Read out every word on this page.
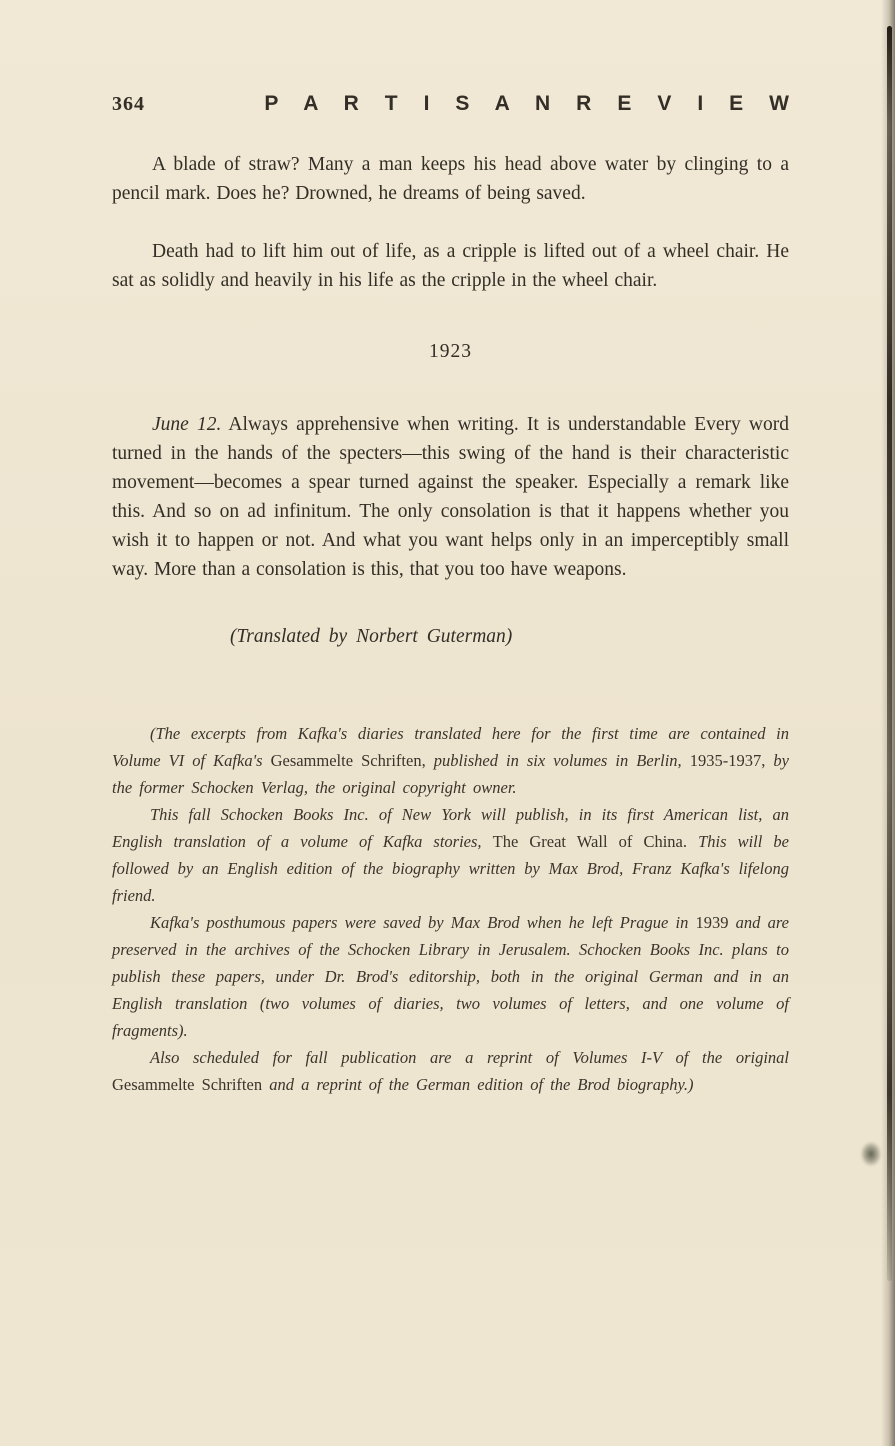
364	P A R T I S A N R E V I E W

A blade of straw? Many a man keeps his head above water by clinging to a pencil mark. Does he? Drowned, he dreams of being saved.

Death had to lift him out of life, as a cripple is lifted out of a wheel chair. He sat as solidly and heavily in his life as the cripple in the wheel chair.

1923

June 12. Always apprehensive when writing. It is understandable Every word turned in the hands of the specters—this swing of the hand is their characteristic movement—becomes a spear turned against the speaker. Especially a remark like this. And so on ad infinitum. The only consolation is that it happens whether you wish it to happen or not. And what you want helps only in an imperceptibly small way. More than a consolation is this, that you too have weapons.

(Translated by Norbert Guterman)

(The excerpts from Kafka's diaries translated here for the first time are contained in Volume VI of Kafka's Gesammelte Schriften, published in six volumes in Berlin, 1935-1937, by the former Schocken Verlag, the original copyright owner.

This fall Schocken Books Inc. of New York will publish, in its first American list, an English translation of a volume of Kafka stories, The Great Wall of China. This will be followed by an English edition of the biography written by Max Brod, Franz Kafka's lifelong friend.

Kafka's posthumous papers were saved by Max Brod when he left Prague in 1939 and are preserved in the archives of the Schocken Library in Jerusalem. Schocken Books Inc. plans to publish these papers, under Dr. Brod's editorship, both in the original German and in an English translation (two volumes of diaries, two volumes of letters, and one volume of fragments).

Also scheduled for fall publication are a reprint of Volumes I-V of the original Gesammelte Schriften and a reprint of the German edition of the Brod biography.)
